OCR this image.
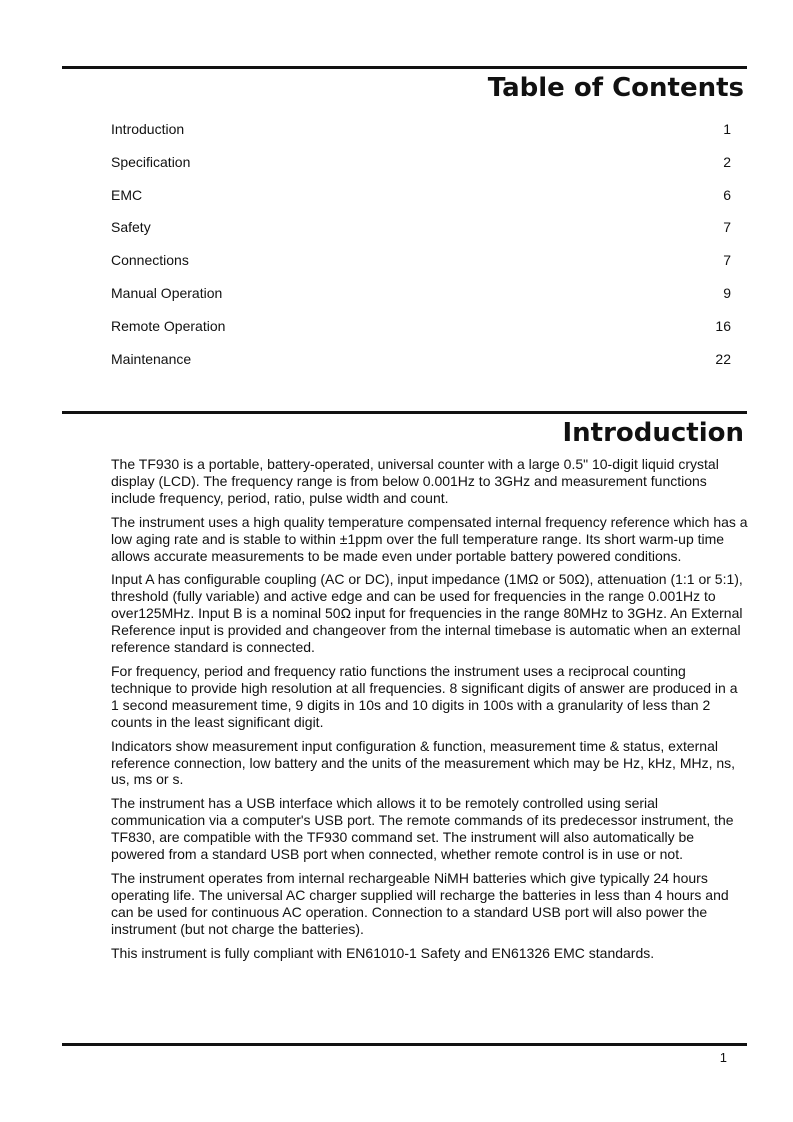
Table of Contents
Introduction	1
Specification	2
EMC	6
Safety	7
Connections	7
Manual Operation	9
Remote Operation	16
Maintenance	22
Introduction

The TF930 is a portable, battery-operated, universal counter with a large 0.5" 10-digit liquid crystal display (LCD). The frequency range is from below 0.001Hz to 3GHz and measurement functions include frequency, period, ratio, pulse width and count.

The instrument uses a high quality temperature compensated internal frequency reference which has a low aging rate and is stable to within ±1ppm over the full temperature range. Its short warm-up time allows accurate measurements to be made even under portable battery powered conditions.

Input A has configurable coupling (AC or DC), input impedance (1MΩ or 50Ω), attenuation (1:1 or 5:1), threshold (fully variable) and active edge and can be used for frequencies in the range 0.001Hz to over125MHz. Input B is a nominal 50Ω input for frequencies in the range 80MHz to 3GHz. An External Reference input is provided and changeover from the internal timebase is automatic when an external reference standard is connected.

For frequency, period and frequency ratio functions the instrument uses a reciprocal counting technique to provide high resolution at all frequencies. 8 significant digits of answer are produced in a 1 second measurement time, 9 digits in 10s and 10 digits in 100s with a granularity of less than 2 counts in the least significant digit.

Indicators show measurement input configuration & function, measurement time & status, external reference connection, low battery and the units of the measurement which may be Hz, kHz, MHz, ns, us, ms or s.

The instrument has a USB interface which allows it to be remotely controlled using serial communication via a computer's USB port. The remote commands of its predecessor instrument, the TF830, are compatible with the TF930 command set. The instrument will also automatically be powered from a standard USB port when connected, whether remote control is in use or not.

The instrument operates from internal rechargeable NiMH batteries which give typically 24 hours operating life. The universal AC charger supplied will recharge the batteries in less than 4 hours and can be used for continuous AC operation. Connection to a standard USB port will also power the instrument (but not charge the batteries).

This instrument is fully compliant with EN61010-1 Safety and EN61326 EMC standards.

1
